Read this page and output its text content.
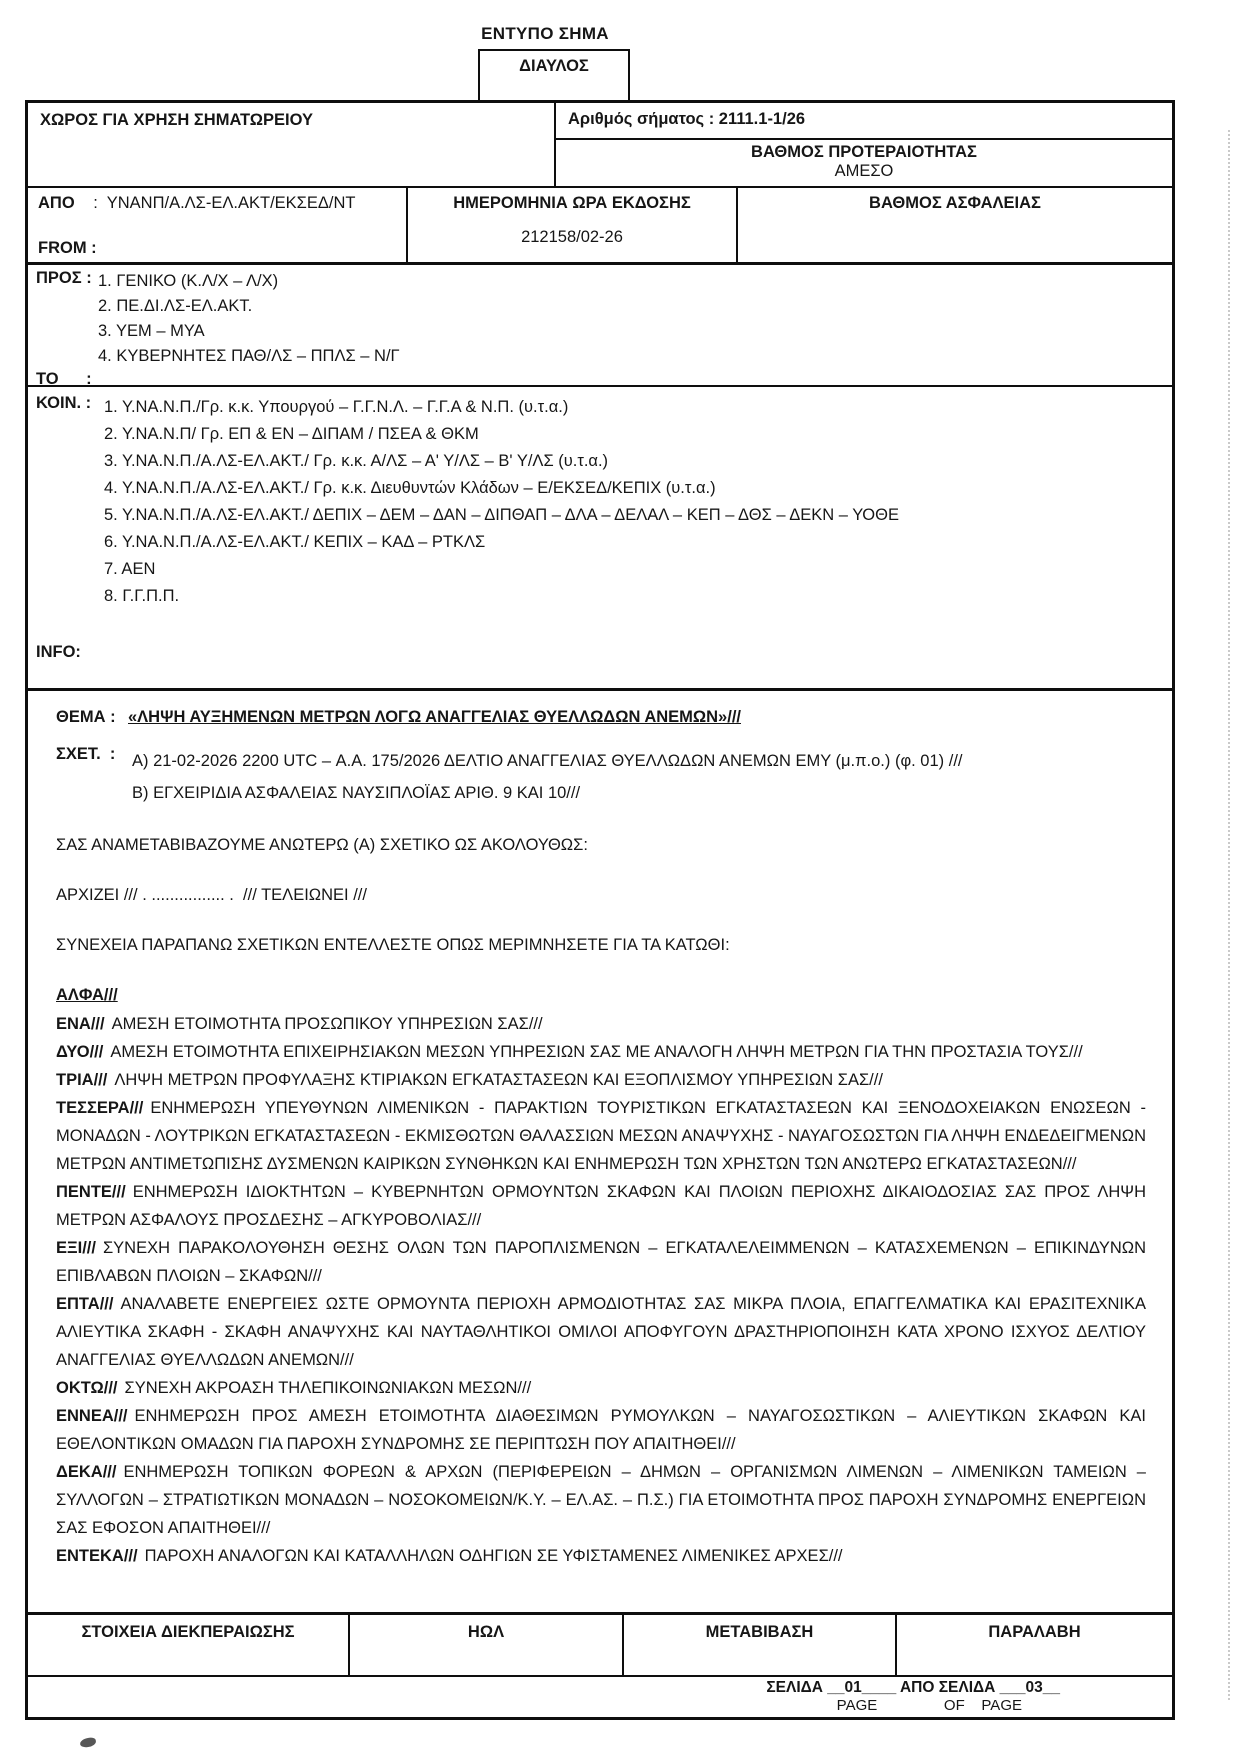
ΕΝΤΥΠΟ ΣΗΜΑ
ΔΙΑΥΛΟΣ
ΧΩΡΟΣ ΓΙΑ ΧΡΗΣΗ ΣΗΜΑΤΩΡΕΙΟΥ	Αριθμός σήματος : 2111.1-1/26
ΒΑΘΜΟΣ ΠΡΟΤΕΡΑΙΟΤΗΤΑΣ
ΑΜΕΣΟ
ΑΠΟ :  ΥΝΑΝΠ/Α.ΛΣ-ΕΛ.ΑΚΤ/ΕΚΣΕΔ/ΝΤ
FROM :
ΗΜΕΡΟΜΗΝΙΑ ΩΡΑ ΕΚΔΟΣΗΣ
212158/02-26
ΒΑΘΜΟΣ ΑΣΦΑΛΕΙΑΣ
ΠΡΟΣ : 1. ΓΕΝΙΚΟ (Κ.Λ/Χ – Λ/Χ)

2. ΠΕ.ΔΙ.ΛΣ-ΕΛ.ΑΚΤ.

3. ΥΕΜ – ΜΥΑ

4. ΚΥΒΕΡΝΗΤΕΣ ΠΑΘ/ΛΣ – ΠΠΛΣ – Ν/Γ

ΤΟ      :
ΚΟΙΝ. : 1. Υ.ΝΑ.Ν.Π./Γρ. κ.κ. Υπουργού – Γ.Γ.Ν.Λ. – Γ.Γ.Α & Ν.Π. (υ.τ.α.)

2. Υ.ΝΑ.Ν.Π/ Γρ. ΕΠ & ΕΝ – ΔΙΠΑΜ / ΠΣΕΑ & ΘΚΜ

3. Υ.ΝΑ.Ν.Π./Α.ΛΣ-ΕΛ.ΑΚΤ./ Γρ. κ.κ. Α/ΛΣ – Α' Υ/ΛΣ – Β' Υ/ΛΣ (υ.τ.α.)

4. Υ.ΝΑ.Ν.Π./Α.ΛΣ-ΕΛ.ΑΚΤ./ Γρ. κ.κ. Διευθυντών Κλάδων – Ε/ΕΚΣΕΔ/ΚΕΠΙΧ (υ.τ.α.)

5. Υ.ΝΑ.Ν.Π./Α.ΛΣ-ΕΛ.ΑΚΤ./ ΔΕΠΙΧ – ΔΕΜ – ΔΑΝ – ΔΙΠΘΑΠ – ΔΛΑ – ΔΕΛΑΛ – ΚΕΠ – ΔΘΣ – ΔΕΚΝ – ΥΟΘΕ

6. Υ.ΝΑ.Ν.Π./Α.ΛΣ-ΕΛ.ΑΚΤ./ ΚΕΠΙΧ – ΚΑΔ – ΡΤΚΛΣ

7. ΑΕΝ

8. Γ.Γ.Π.Π.

INFO:
ΘΕΜΑ : «ΛΗΨΗ ΑΥΞΗΜΕΝΩΝ ΜΕΤΡΩΝ ΛΟΓΩ ΑΝΑΓΓΕΛΙΑΣ ΘΥΕΛΛΩΔΩΝ ΑΝΕΜΩΝ»///
ΣΧΕΤ.  :	Α) 21-02-2026 2200 UTC – Α.Α. 175/2026 ΔΕΛΤΙΟ ΑΝΑΓΓΕΛΙΑΣ ΘΥΕΛΛΩΔΩΝ ΑΝΕΜΩΝ ΕΜΥ (μ.π.ο.) (φ. 01) ///

Β) ΕΓΧΕΙΡΙΔΙΑ ΑΣΦΑΛΕΙΑΣ ΝΑΥΣΙΠΛΟΪΑΣ ΑΡΙΘ. 9 ΚΑΙ 10///

ΣΑΣ ΑΝΑΜΕΤΑΒΙΒΑΖΟΥΜΕ ΑΝΩΤΕΡΩ (Α) ΣΧΕΤΙΚΟ ΩΣ ΑΚΟΛΟΥΘΩΣ:

ΑΡΧΙΖΕΙ /// . ................ .  /// ΤΕΛΕΙΩΝΕΙ ///

ΣΥΝΕΧΕΙΑ ΠΑΡΑΠΑΝΩ ΣΧΕΤΙΚΩΝ ΕΝΤΕΛΛΕΣΤΕ ΟΠΩΣ ΜΕΡΙΜΝΗΣΕΤΕ ΓΙΑ ΤΑ ΚΑΤΩΘΙ:

ΑΛΦΑ///

ΕΝΑ/// ΑΜΕΣΗ ΕΤΟΙΜΟΤΗΤΑ ΠΡΟΣΩΠΙΚΟΥ ΥΠΗΡΕΣΙΩΝ ΣΑΣ///

ΔΥΟ/// ΑΜΕΣΗ ΕΤΟΙΜΟΤΗΤΑ ΕΠΙΧΕΙΡΗΣΙΑΚΩΝ ΜΕΣΩΝ ΥΠΗΡΕΣΙΩΝ ΣΑΣ ΜΕ ΑΝΑΛΟΓΗ ΛΗΨΗ ΜΕΤΡΩΝ ΓΙΑ ΤΗΝ ΠΡΟΣΤΑΣΙΑ ΤΟΥΣ///

ΤΡΙΑ/// ΛΗΨΗ ΜΕΤΡΩΝ ΠΡΟΦΥΛΑΞΗΣ ΚΤΙΡΙΑΚΩΝ ΕΓΚΑΤΑΣΤΑΣΕΩΝ ΚΑΙ ΕΞΟΠΛΙΣΜΟΥ ΥΠΗΡΕΣΙΩΝ ΣΑΣ///

ΤΕΣΣΕΡΑ/// ΕΝΗΜΕΡΩΣΗ ΥΠΕΥΘΥΝΩΝ ΛΙΜΕΝΙΚΩΝ - ΠΑΡΑΚΤΙΩΝ ΤΟΥΡΙΣΤΙΚΩΝ ΕΓΚΑΤΑΣΤΑΣΕΩΝ ΚΑΙ ΞΕΝΟΔΟΧΕΙΑΚΩΝ ΕΝΩΣΕΩΝ - ΜΟΝΑΔΩΝ - ΛΟΥΤΡΙΚΩΝ ΕΓΚΑΤΑΣΤΑΣΕΩΝ - ΕΚΜΙΣΘΩΤΩΝ ΘΑΛΑΣΣΙΩΝ ΜΕΣΩΝ ΑΝΑΨΥΧΗΣ - ΝΑΥΑΓΟΣΩΣΤΩΝ ΓΙΑ ΛΗΨΗ ΕΝΔΕΔΕΙΓΜΕΝΩΝ ΜΕΤΡΩΝ ΑΝΤΙΜΕΤΩΠΙΣΗΣ ΔΥΣΜΕΝΩΝ ΚΑΙΡΙΚΩΝ ΣΥΝΘΗΚΩΝ ΚΑΙ ΕΝΗΜΕΡΩΣΗ ΤΩΝ ΧΡΗΣΤΩΝ ΤΩΝ ΑΝΩΤΕΡΩ ΕΓΚΑΤΑΣΤΑΣΕΩΝ///

ΠΕΝΤΕ/// ΕΝΗΜΕΡΩΣΗ ΙΔΙΟΚΤΗΤΩΝ – ΚΥΒΕΡΝΗΤΩΝ ΟΡΜΟΥΝΤΩΝ ΣΚΑΦΩΝ ΚΑΙ ΠΛΟΙΩΝ ΠΕΡΙΟΧΗΣ ΔΙΚΑΙΟΔΟΣΙΑΣ ΣΑΣ ΠΡΟΣ ΛΗΨΗ ΜΕΤΡΩΝ ΑΣΦΑΛΟΥΣ ΠΡΟΣΔΕΣΗΣ – ΑΓΚΥΡΟΒΟΛΙΑΣ///

ΕΞΙ/// ΣΥΝΕΧΗ ΠΑΡΑΚΟΛΟΥΘΗΣΗ ΘΕΣΗΣ ΟΛΩΝ ΤΩΝ ΠΑΡΟΠΛΙΣΜΕΝΩΝ – ΕΓΚΑΤΑΛΕΛΕΙΜΜΕΝΩΝ – ΚΑΤΑΣΧΕΜΕΝΩΝ – ΕΠΙΚΙΝΔΥΝΩΝ ΕΠΙΒΛΑΒΩΝ ΠΛΟΙΩΝ – ΣΚΑΦΩΝ///

ΕΠΤΑ/// ΑΝΑΛΑΒΕΤΕ ΕΝΕΡΓΕΙΕΣ ΩΣΤΕ ΟΡΜΟΥΝΤΑ ΠΕΡΙΟΧΗ ΑΡΜΟΔΙΟΤΗΤΑΣ ΣΑΣ ΜΙΚΡΑ ΠΛΟΙΑ, ΕΠΑΓΓΕΛΜΑΤΙΚΑ ΚΑΙ ΕΡΑΣΙΤΕΧΝΙΚΑ ΑΛΙΕΥΤΙΚΑ ΣΚΑΦΗ - ΣΚΑΦΗ ΑΝΑΨΥΧΗΣ ΚΑΙ ΝΑΥΤΑΘΛΗΤΙΚΟΙ ΟΜΙΛΟΙ ΑΠΟΦΥΓΟΥΝ ΔΡΑΣΤΗΡΙΟΠΟΙΗΣΗ ΚΑΤΑ ΧΡΟΝΟ ΙΣΧΥΟΣ ΔΕΛΤΙΟΥ ΑΝΑΓΓΕΛΙΑΣ ΘΥΕΛΛΩΔΩΝ ΑΝΕΜΩΝ///

ΟΚΤΩ/// ΣΥΝΕΧΗ ΑΚΡΟΑΣΗ ΤΗΛΕΠΙΚΟΙΝΩΝΙΑΚΩΝ ΜΕΣΩΝ///

ΕΝΝΕΑ/// ΕΝΗΜΕΡΩΣΗ ΠΡΟΣ ΑΜΕΣΗ ΕΤΟΙΜΟΤΗΤΑ ΔΙΑΘΕΣΙΜΩΝ ΡΥΜΟΥΛΚΩΝ – ΝΑΥΑΓΟΣΩΣΤΙΚΩΝ – ΑΛΙΕΥΤΙΚΩΝ ΣΚΑΦΩΝ ΚΑΙ ΕΘΕΛΟΝΤΙΚΩΝ ΟΜΑΔΩΝ ΓΙΑ ΠΑΡΟΧΗ ΣΥΝΔΡΟΜΗΣ ΣΕ ΠΕΡΙΠΤΩΣΗ ΠΟΥ ΑΠΑΙΤΗΘΕΙ///

ΔΕΚΑ/// ΕΝΗΜΕΡΩΣΗ ΤΟΠΙΚΩΝ ΦΟΡΕΩΝ & ΑΡΧΩΝ (ΠΕΡΙΦΕΡΕΙΩΝ – ΔΗΜΩΝ – ΟΡΓΑΝΙΣΜΩΝ ΛΙΜΕΝΩΝ – ΛΙΜΕΝΙΚΩΝ ΤΑΜΕΙΩΝ – ΣΥΛΛΟΓΩΝ – ΣΤΡΑΤΙΩΤΙΚΩΝ ΜΟΝΑΔΩΝ – ΝΟΣΟΚΟΜΕΙΩΝ/Κ.Υ. – ΕΛ.ΑΣ. – Π.Σ.) ΓΙΑ ΕΤΟΙΜΟΤΗΤΑ ΠΡΟΣ ΠΑΡΟΧΗ ΣΥΝΔΡΟΜΗΣ ΕΝΕΡΓΕΙΩΝ ΣΑΣ ΕΦΟΣΟΝ ΑΠΑΙΤΗΘΕΙ///

ΕΝΤΕΚΑ/// ΠΑΡΟΧΗ ΑΝΑΛΟΓΩΝ ΚΑΙ ΚΑΤΑΛΛΗΛΩΝ ΟΔΗΓΙΩΝ ΣΕ ΥΦΙΣΤΑΜΕΝΕΣ ΛΙΜΕΝΙΚΕΣ ΑΡΧΕΣ///

ΣΤΟΙΧΕΙΑ ΔΙΕΚΠΕΡΑΙΩΣΗΣ	ΗΩΛ	ΜΕΤΑΒΙΒΑΣΗ	ΠΑΡΑΛΑΒΗ
ΣΕΛΙΔΑ __01____ ΑΠΟ ΣΕΛΙΔΑ ___03__
PAGE                OF    PAGE
